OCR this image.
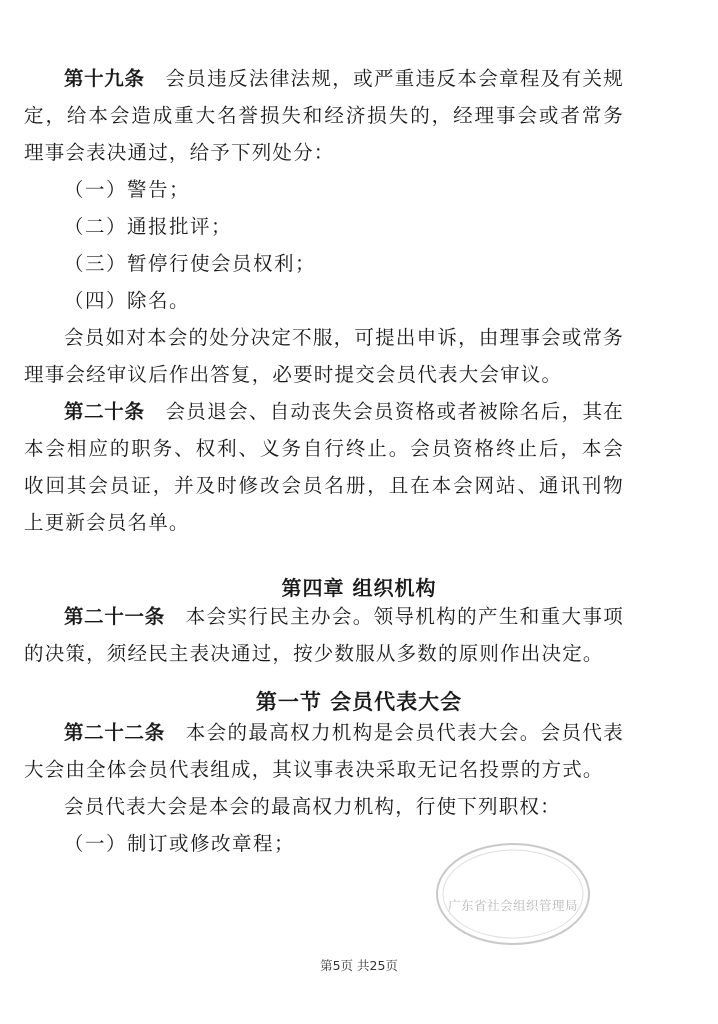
第十九条  会员违反法律法规，或严重违反本会章程及有关规定，给本会造成重大名誉损失和经济损失的，经理事会或者常务理事会表决通过，给予下列处分：

（一）警告；

（二）通报批评；

（三）暂停行使会员权利；

（四）除名。

会员如对本会的处分决定不服，可提出申诉，由理事会或常务理事会经审议后作出答复，必要时提交会员代表大会审议。

第二十条  会员退会、自动丧失会员资格或者被除名后，其在本会相应的职务、权利、义务自行终止。会员资格终止后，本会收回其会员证，并及时修改会员名册，且在本会网站、通讯刊物上更新会员名单。

第四章 组织机构

第二十一条  本会实行民主办会。领导机构的产生和重大事项的决策，须经民主表决通过，按少数服从多数的原则作出决定。

第一节 会员代表大会

第二十二条  本会的最高权力机构是会员代表大会。会员代表大会由全体会员代表组成，其议事表决采取无记名投票的方式。

会员代表大会是本会的最高权力机构，行使下列职权：

（一）制订或修改章程；

广东省社会组织管理局
第5页 共25页
